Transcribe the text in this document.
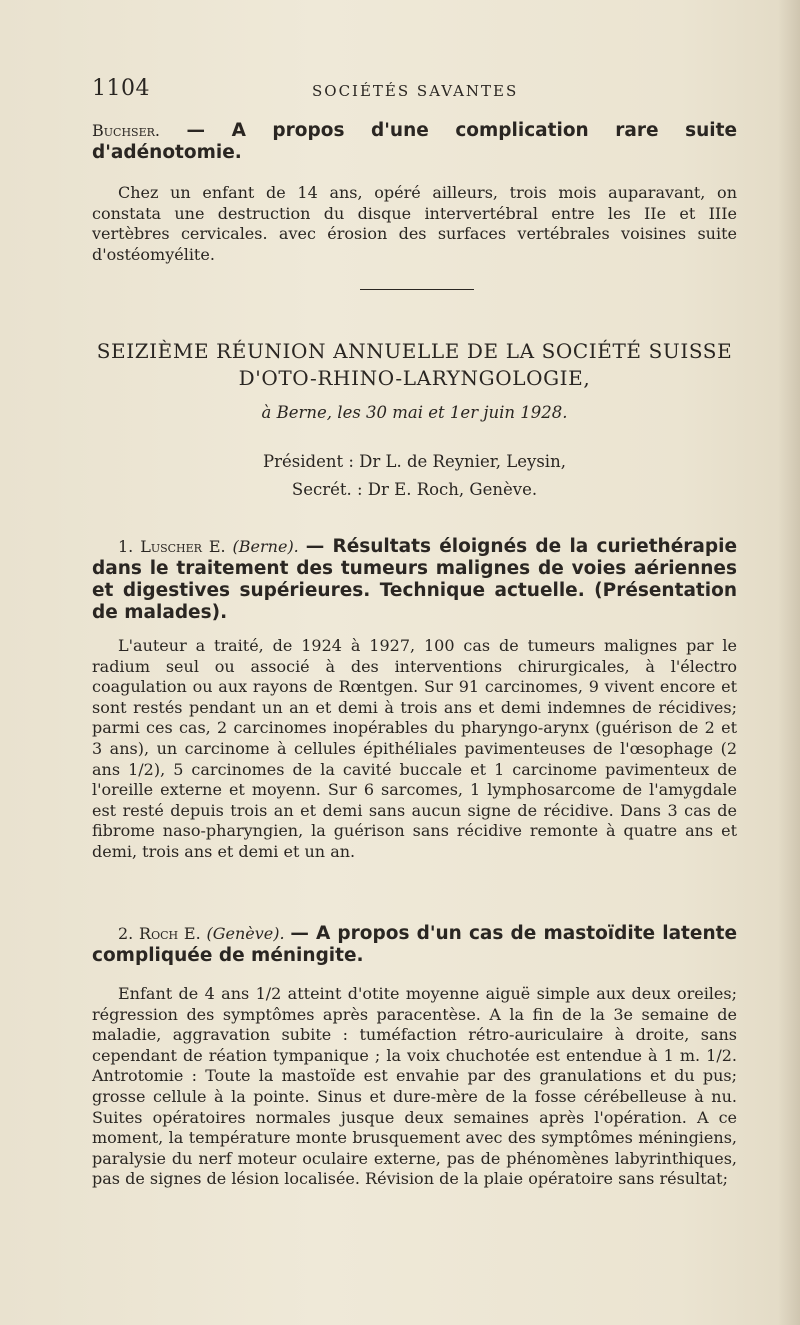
1104	SOCIÉTÉS SAVANTES
Buchser. — A propos d'une complication rare suite d'adénotomie.
Chez un enfant de 14 ans, opéré ailleurs, trois mois auparavant, on constata une destruction du disque intervertébral entre les IIe et IIIe vertèbres cervicales. avec érosion des surfaces vertébrales voisines suite d'ostéomyélite.
SEIZIÈME RÉUNION ANNUELLE DE LA SOCIÉTÉ SUISSE
D'OTO-RHINO-LARYNGOLOGIE,
à Berne, les 30 mai et 1er juin 1928.
Président : Dr L. de Reynier, Leysin,
Secrét. : Dr E. Roch, Genève.
1. Luscher E. (Berne). — Résultats éloignés de la curiethérapie dans le traitement des tumeurs malignes de voies aériennes et digestives supérieures. Technique actuelle. (Présentation de malades).
L'auteur a traité, de 1924 à 1927, 100 cas de tumeurs malignes par le radium seul ou associé à des interventions chirurgicales, à l'électro coagulation ou aux rayons de Rœntgen. Sur 91 carcinomes, 9 vivent encore et sont restés pendant un an et demi à trois ans et demi indemnes de récidives; parmi ces cas, 2 carcinomes inopérables du pharyngo-arynx (guérison de 2 et 3 ans), un carcinome à cellules épithéliales pavimenteuses de l'œsophage (2 ans 1/2), 5 carcinomes de la cavité buccale et 1 carcinome pavimenteux de l'oreille externe et moyenn. Sur 6 sarcomes, 1 lymphosarcome de l'amygdale est resté depuis trois an et demi sans aucun signe de récidive. Dans 3 cas de fibrome naso-pharyngien, la guérison sans récidive remonte à quatre ans et demi, trois ans et demi et un an.
2. Roch E. (Genève). — A propos d'un cas de mastoïdite latente compliquée de méningite.
Enfant de 4 ans 1/2 atteint d'otite moyenne aiguë simple aux deux oreiles; régression des symptômes après paracentèse. A la fin de la 3e semaine de maladie, aggravation subite : tuméfaction rétro-auriculaire à droite, sans cependant de réation tympanique ; la voix chuchotée est entendue à 1 m. 1/2. Antrotomie : Toute la mastoïde est envahie par des granulations et du pus; grosse cellule à la pointe. Sinus et dure-mère de la fosse cérébelleuse à nu. Suites opératoires normales jusque deux semaines après l'opération. A ce moment, la température monte brusquement avec des symptômes méningiens, paralysie du nerf moteur oculaire externe, pas de phénomènes labyrinthiques, pas de signes de lésion localisée. Révision de la plaie opératoire sans résultat;
